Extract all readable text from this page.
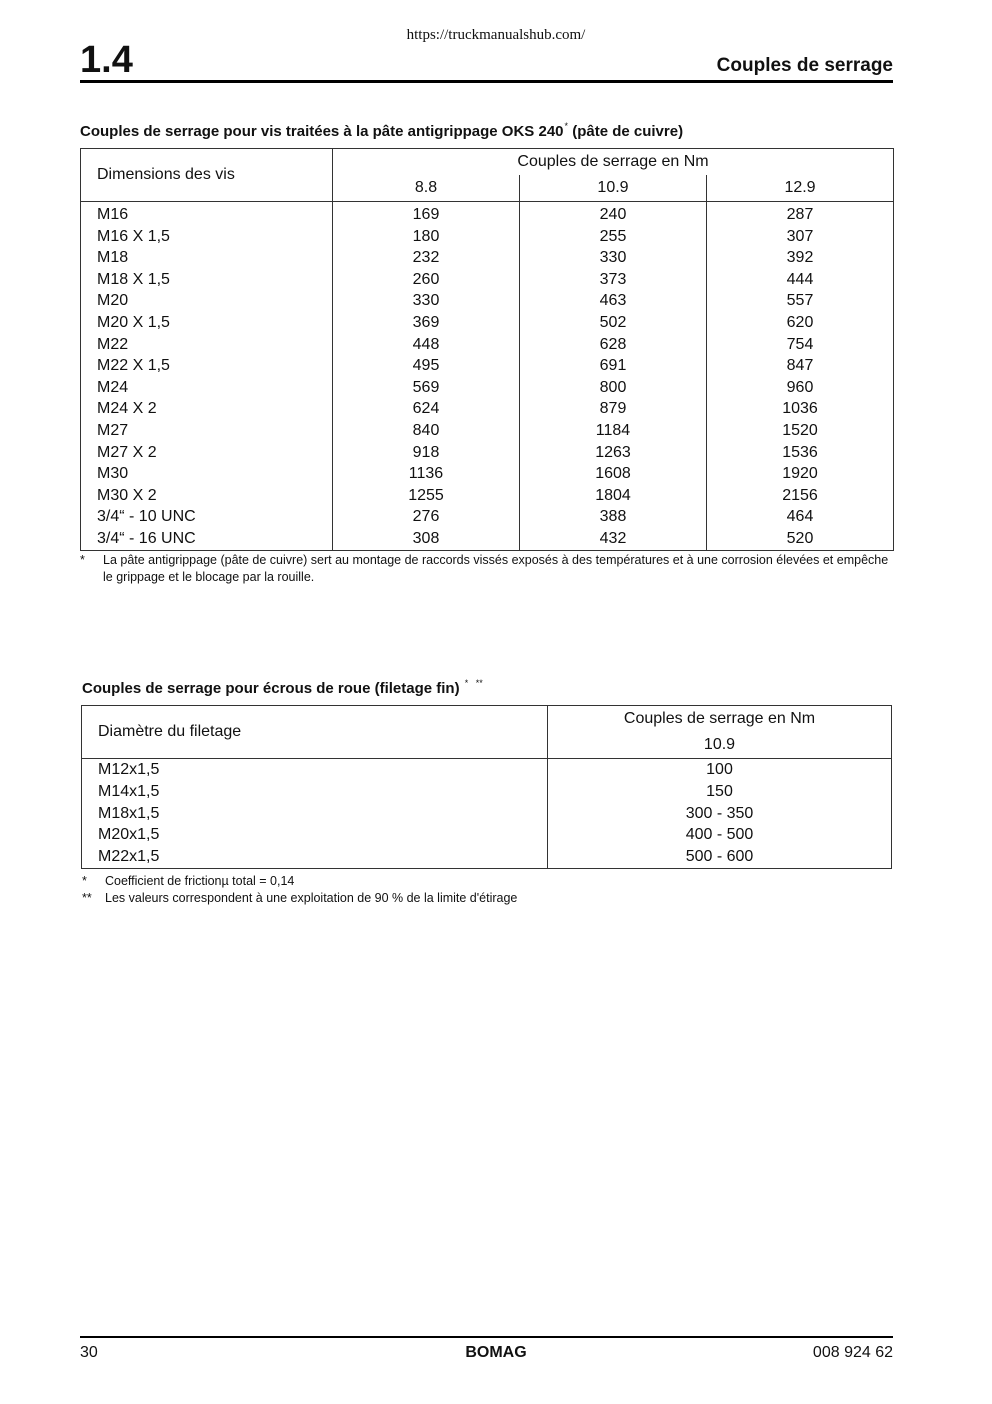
https://truckmanualshub.com/
1.4	Couples de serrage
Couples de serrage pour vis traitées à la pâte antigrippage OKS 240* (pâte de cuivre)
Dimensions des vis	Couples de serrage en Nm		
	8.8	10.9	12.9
M16	169	240	287
M16 X 1,5	180	255	307
M18	232	330	392
M18 X 1,5	260	373	444
M20	330	463	557
M20 X 1,5	369	502	620
M22	448	628	754
M22 X 1,5	495	691	847
M24	569	800	960
M24 X 2	624	879	1036
M27	840	1184	1520
M27 X 2	918	1263	1536
M30	1136	1608	1920
M30 X 2	1255	1804	2156
3/4“ - 10 UNC	276	388	464
3/4“ - 16 UNC	308	432	520
* La pâte antigrippage (pâte de cuivre) sert au montage de raccords vissés exposés à des températures et à une corrosion élevées et empêche le grippage et le blocage par la rouille.
Couples de serrage pour écrous de roue (filetage fin) *   **
Diamètre du filetage	Couples de serrage en Nm
	10.9
M12x1,5	100
M14x1,5	150
M18x1,5	300 - 350
M20x1,5	400 - 500
M22x1,5	500 - 600
* Coefficient de frictionµ total = 0,14
** Les valeurs correspondent à une exploitation de 90 % de la limite d'étirage
30	BOMAG	008 924 62
